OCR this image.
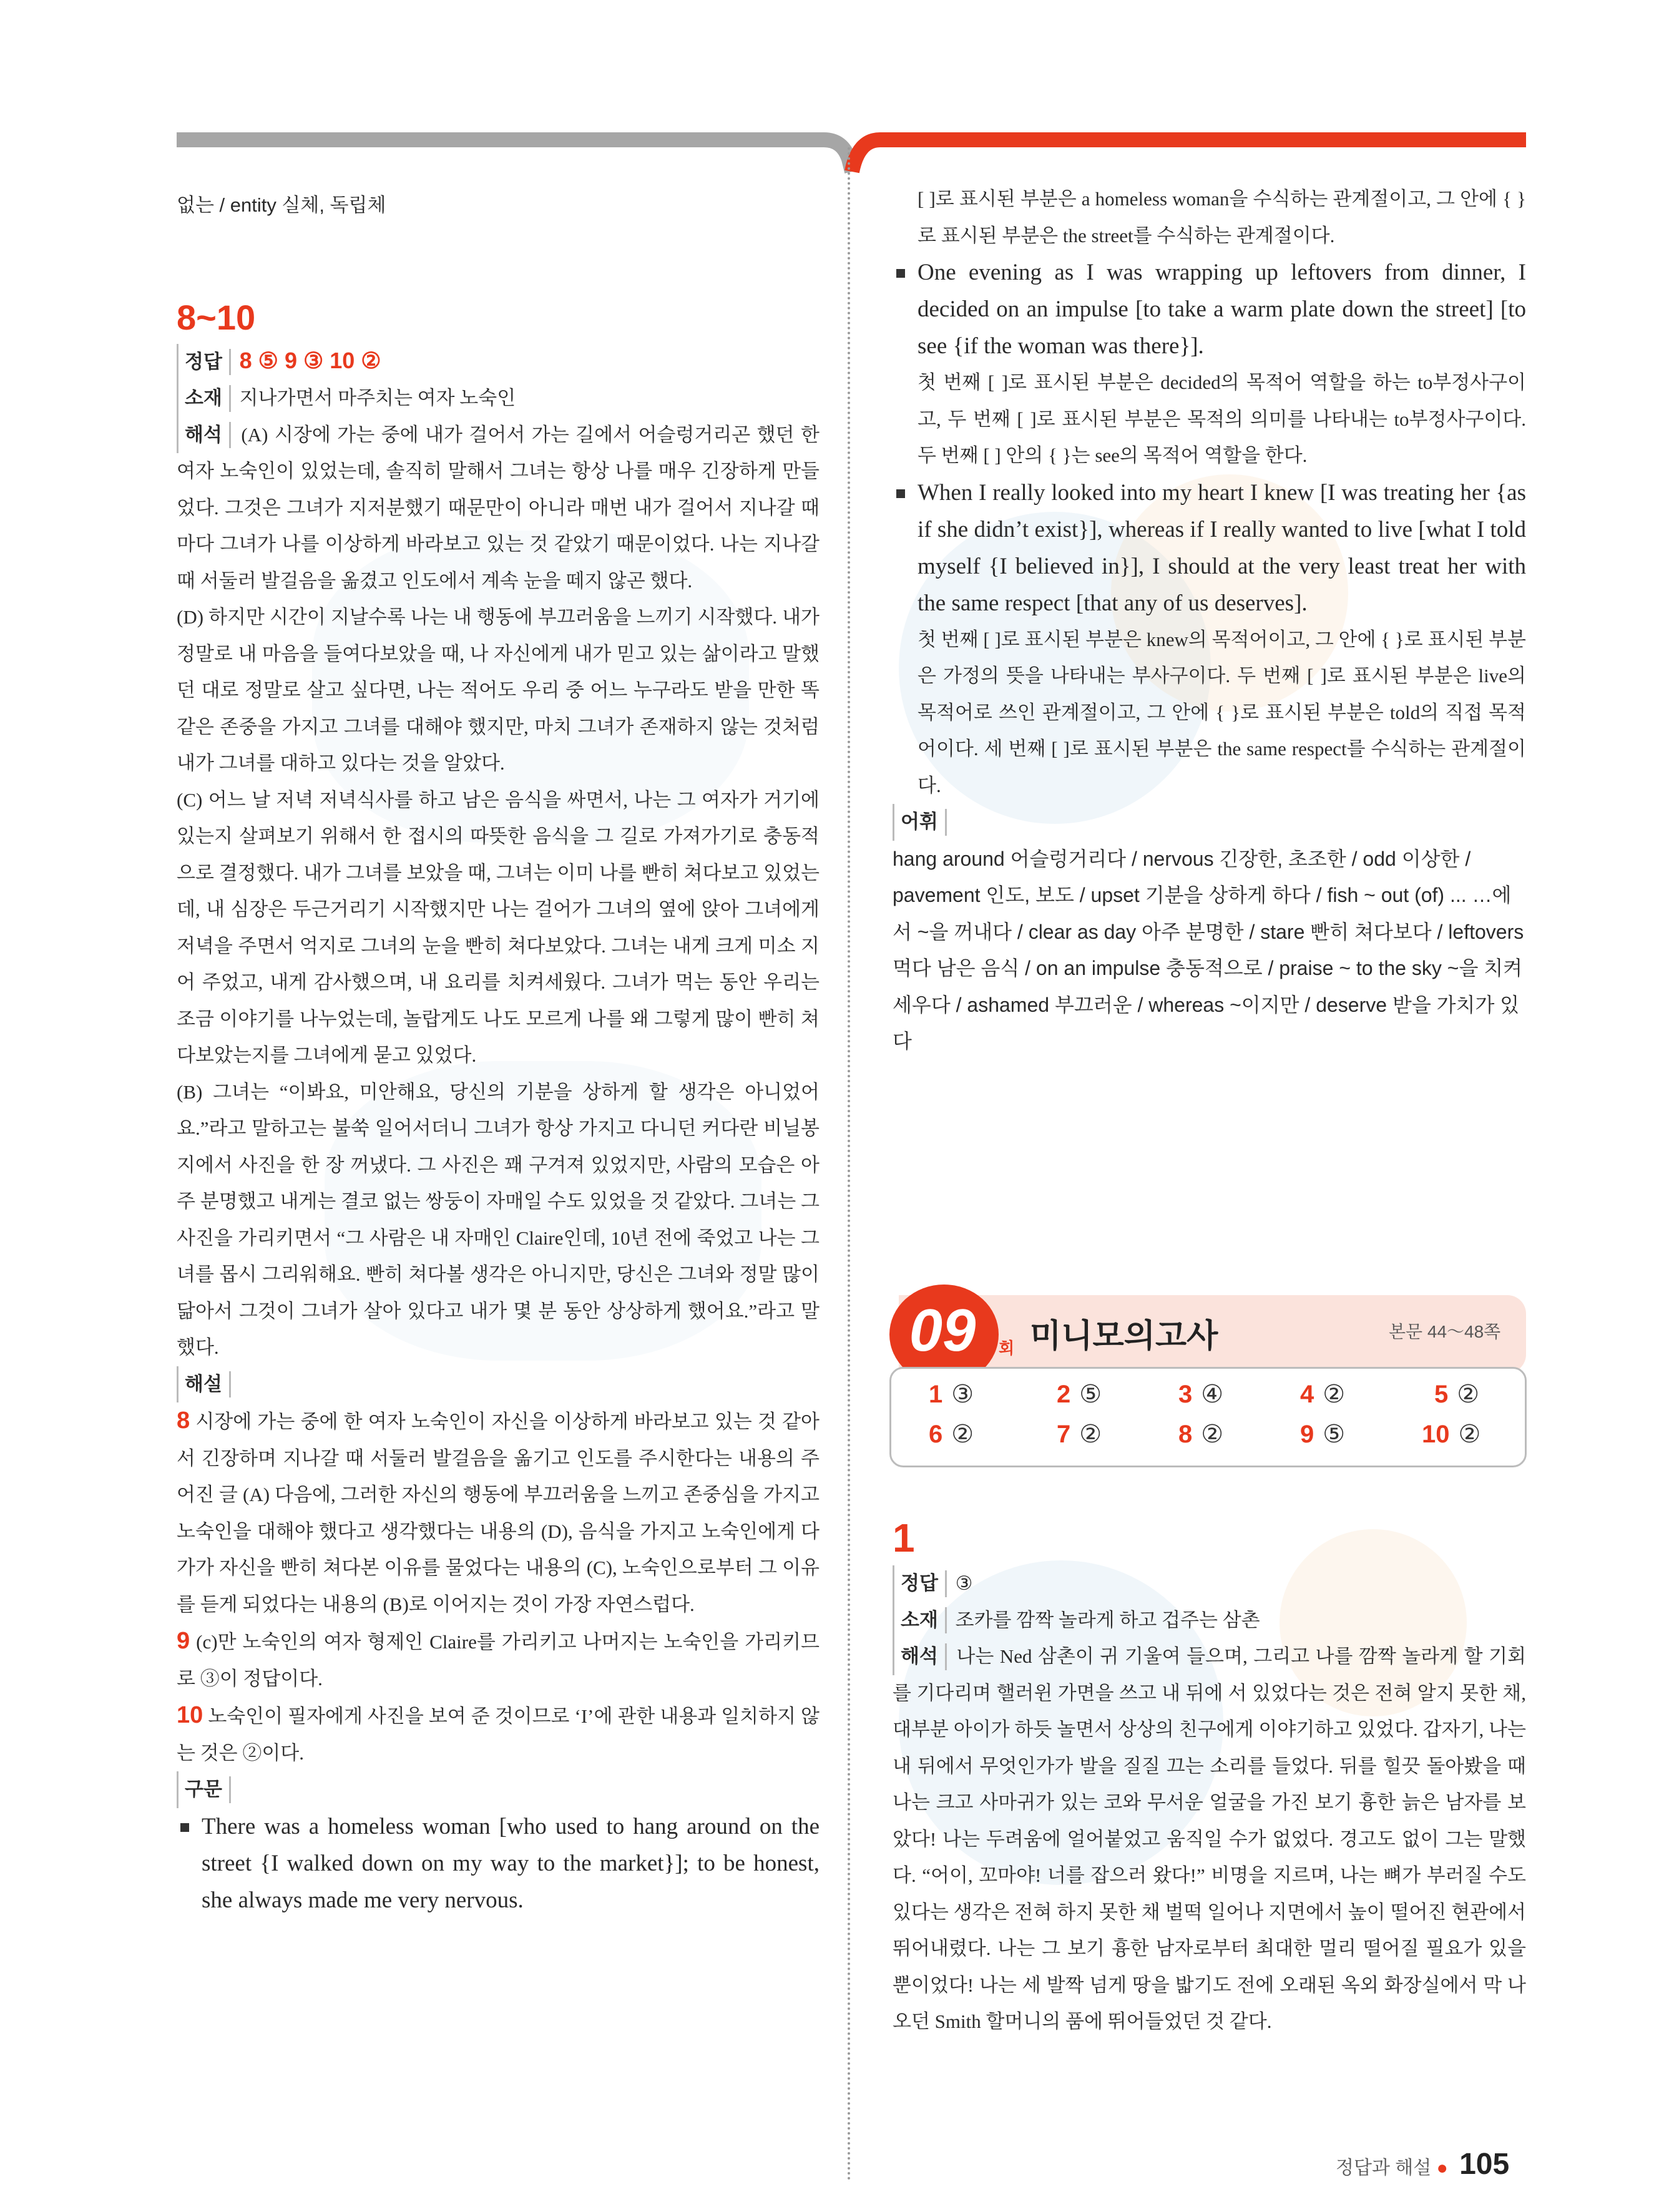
없는 / entity 실체, 독립체

8~10

정답 8 ⑤ 9 ③ 10 ②

소재 지나가면서 마주치는 여자 노숙인

해석 (A) 시장에 가는 중에 내가 걸어서 가는 길에서 어슬렁거리곤 했던 한 여자 노숙인이 있었는데, 솔직히 말해서 그녀는 항상 나를 매우 긴장하게 만들었다. 그것은 그녀가 지저분했기 때문만이 아니라 매번 내가 걸어서 지나갈 때마다 그녀가 나를 이상하게 바라보고 있는 것 같았기 때문이었다. 나는 지나갈 때 서둘러 발걸음을 옮겼고 인도에서 계속 눈을 떼지 않곤 했다.

(D) 하지만 시간이 지날수록 나는 내 행동에 부끄러움을 느끼기 시작했다. 내가 정말로 내 마음을 들여다보았을 때, 나 자신에게 내가 믿고 있는 삶이라고 말했던 대로 정말로 살고 싶다면, 나는 적어도 우리 중 어느 누구라도 받을 만한 똑같은 존중을 가지고 그녀를 대해야 했지만, 마치 그녀가 존재하지 않는 것처럼 내가 그녀를 대하고 있다는 것을 알았다.

(C) 어느 날 저녁 저녁식사를 하고 남은 음식을 싸면서, 나는 그 여자가 거기에 있는지 살펴보기 위해서 한 접시의 따뜻한 음식을 그 길로 가져가기로 충동적으로 결정했다. 내가 그녀를 보았을 때, 그녀는 이미 나를 빤히 쳐다보고 있었는데, 내 심장은 두근거리기 시작했지만 나는 걸어가 그녀의 옆에 앉아 그녀에게 저녁을 주면서 억지로 그녀의 눈을 빤히 쳐다보았다. 그녀는 내게 크게 미소 지어 주었고, 내게 감사했으며, 내 요리를 치켜세웠다. 그녀가 먹는 동안 우리는 조금 이야기를 나누었는데, 놀랍게도 나도 모르게 나를 왜 그렇게 많이 빤히 쳐다보았는지를 그녀에게 묻고 있었다.

(B) 그녀는 “이봐요, 미안해요, 당신의 기분을 상하게 할 생각은 아니었어요.”라고 말하고는 불쑥 일어서더니 그녀가 항상 가지고 다니던 커다란 비닐봉지에서 사진을 한 장 꺼냈다. 그 사진은 꽤 구겨져 있었지만, 사람의 모습은 아주 분명했고 내게는 결코 없는 쌍둥이 자매일 수도 있었을 것 같았다. 그녀는 그 사진을 가리키면서 “그 사람은 내 자매인 Claire인데, 10년 전에 죽었고 나는 그녀를 몹시 그리워해요. 빤히 쳐다볼 생각은 아니지만, 당신은 그녀와 정말 많이 닮아서 그것이 그녀가 살아 있다고 내가 몇 분 동안 상상하게 했어요.”라고 말했다.

해설

8 시장에 가는 중에 한 여자 노숙인이 자신을 이상하게 바라보고 있는 것 같아서 긴장하며 지나갈 때 서둘러 발걸음을 옮기고 인도를 주시한다는 내용의 주어진 글 (A) 다음에, 그러한 자신의 행동에 부끄러움을 느끼고 존중심을 가지고 노숙인을 대해야 했다고 생각했다는 내용의 (D), 음식을 가지고 노숙인에게 다가가 자신을 빤히 쳐다본 이유를 물었다는 내용의 (C), 노숙인으로부터 그 이유를 듣게 되었다는 내용의 (B)로 이어지는 것이 가장 자연스럽다.

9 (c)만 노숙인의 여자 형제인 Claire를 가리키고 나머지는 노숙인을 가리키므로 ③이 정답이다.

10 노숙인이 필자에게 사진을 보여 준 것이므로 ‘I’에 관한 내용과 일치하지 않는 것은 ②이다.

구문

There was a homeless woman [who used to hang around on the street {I walked down on my way to the market}]; to be honest, she always made me very nervous.

[ ]로 표시된 부분은 a homeless woman을 수식하는 관계절이고, 그 안에 { }로 표시된 부분은 the street를 수식하는 관계절이다.

One evening as I was wrapping up leftovers from dinner, I decided on an impulse [to take a warm plate down the street] [to see {if the woman was there}].

첫 번째 [ ]로 표시된 부분은 decided의 목적어 역할을 하는 to부정사구이고, 두 번째 [ ]로 표시된 부분은 목적의 의미를 나타내는 to부정사구이다. 두 번째 [ ] 안의 { }는 see의 목적어 역할을 한다.

When I really looked into my heart I knew [I was treating her {as if she didn’t exist}], whereas if I really wanted to live [what I told myself {I believed in}], I should at the very least treat her with the same respect [that any of us deserves].

첫 번째 [ ]로 표시된 부분은 knew의 목적어이고, 그 안에 { }로 표시된 부분은 가정의 뜻을 나타내는 부사구이다. 두 번째 [ ]로 표시된 부분은 live의 목적어로 쓰인 관계절이고, 그 안에 { }로 표시된 부분은 told의 직접 목적어이다. 세 번째 [ ]로 표시된 부분은 the same respect를 수식하는 관계절이다.

어휘

hang around 어슬렁거리다 / nervous 긴장한, 초조한 / odd 이상한 / pavement 인도, 보도 / upset 기분을 상하게 하다 / fish ~ out (of) ... …에서 ~을 꺼내다 / clear as day 아주 분명한 / stare 빤히 쳐다보다 / leftovers 먹다 남은 음식 / on an impulse 충동적으로 / praise ~ to the sky ~을 치켜세우다 / ashamed 부끄러운 / whereas ~이지만 / deserve 받을 가치가 있다

09	회 미니모의고사	본문 44～48쪽
1 ③	2 ⑤	3 ④	4 ②	5 ②
6 ②	7 ②	8 ②	9 ⑤	10 ②
1

정답 ③

소재 조카를 깜짝 놀라게 하고 겁주는 삼촌

해석 나는 Ned 삼촌이 귀 기울여 들으며, 그리고 나를 깜짝 놀라게 할 기회를 기다리며 핼러윈 가면을 쓰고 내 뒤에 서 있었다는 것은 전혀 알지 못한 채, 대부분 아이가 하듯 놀면서 상상의 친구에게 이야기하고 있었다. 갑자기, 나는 내 뒤에서 무엇인가가 발을 질질 끄는 소리를 들었다. 뒤를 힐끗 돌아봤을 때 나는 크고 사마귀가 있는 코와 무서운 얼굴을 가진 보기 흉한 늙은 남자를 보았다! 나는 두려움에 얼어붙었고 움직일 수가 없었다. 경고도 없이 그는 말했다. “어이, 꼬마야! 너를 잡으러 왔다!” 비명을 지르며, 나는 뼈가 부러질 수도 있다는 생각은 전혀 하지 못한 채 벌떡 일어나 지면에서 높이 떨어진 현관에서 뛰어내렸다. 나는 그 보기 흉한 남자로부터 최대한 멀리 떨어질 필요가 있을 뿐이었다! 나는 세 발짝 넘게 땅을 밟기도 전에 오래된 옥외 화장실에서 막 나오던 Smith 할머니의 품에 뛰어들었던 것 같다.

정답과 해설 ● 105
